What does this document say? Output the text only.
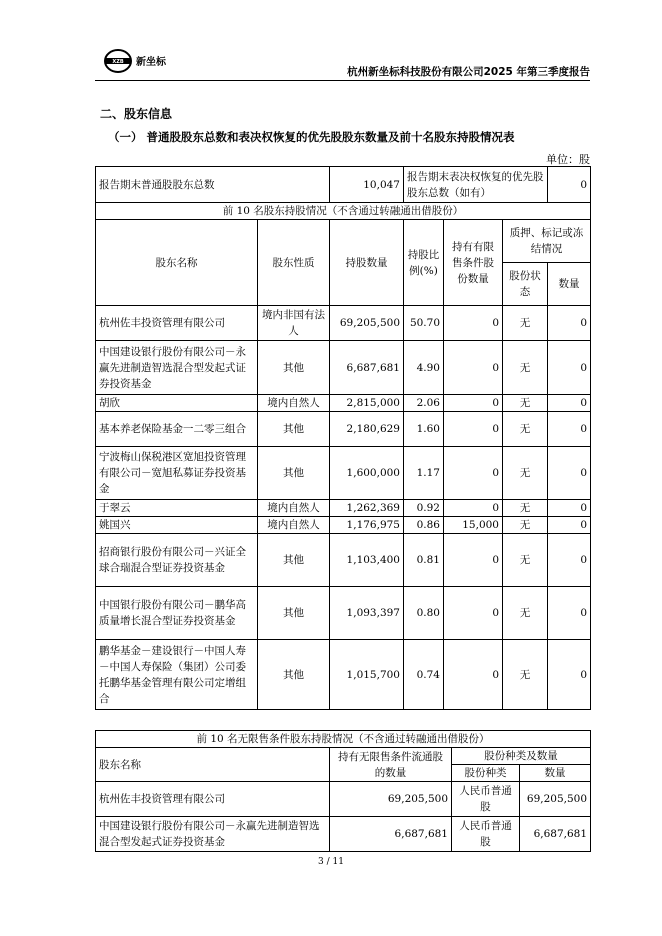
XZB 新坐标
杭州新坐标科技股份有限公司2025 年第三季度报告
二、股东信息
（一） 普通股股东总数和表决权恢复的优先股股东数量及前十名股东持股情况表
单位：股
报告期末普通股股东总数		10,047	报告期末表决权恢复的优先股股东总数（如有）			0
前 10 名股东持股情况（不含通过转融通出借股份）						
股东名称	股东性质	持股数量	持股比例(%)	持有有限售条件股份数量	质押、标记或冻结情况	
					股份状态	数量
杭州佐丰投资管理有限公司	境内非国有法人	69,205,500	50.70	0	无	0
中国建设银行股份有限公司－永赢先进制造智选混合型发起式证券投资基金	其他	6,687,681	4.90	0	无	0
胡欣	境内自然人	2,815,000	2.06	0	无	0
基本养老保险基金一二零三组合	其他	2,180,629	1.60	0	无	0
宁波梅山保税港区宽旭投资管理有限公司－宽旭私募证券投资基金	其他	1,600,000	1.17	0	无	0
于翠云	境内自然人	1,262,369	0.92	0	无	0
姚国兴	境内自然人	1,176,975	0.86	15,000	无	0
招商银行股份有限公司－兴证全球合瑞混合型证券投资基金	其他	1,103,400	0.81	0	无	0
中国银行股份有限公司－鹏华高质量增长混合型证券投资基金	其他	1,093,397	0.80	0	无	0
鹏华基金－建设银行－中国人寿－中国人寿保险（集团）公司委托鹏华基金管理有限公司定增组合	其他	1,015,700	0.74	0	无	0
前 10 名无限售条件股东持股情况（不含通过转融通出借股份）			
股东名称	持有无限售条件流通股的数量	股份种类及数量	
		股份种类	数量
杭州佐丰投资管理有限公司	69,205,500	人民币普通股	69,205,500
中国建设银行股份有限公司－永赢先进制造智选混合型发起式证券投资基金	6,687,681	人民币普通股	6,687,681
3 / 11
